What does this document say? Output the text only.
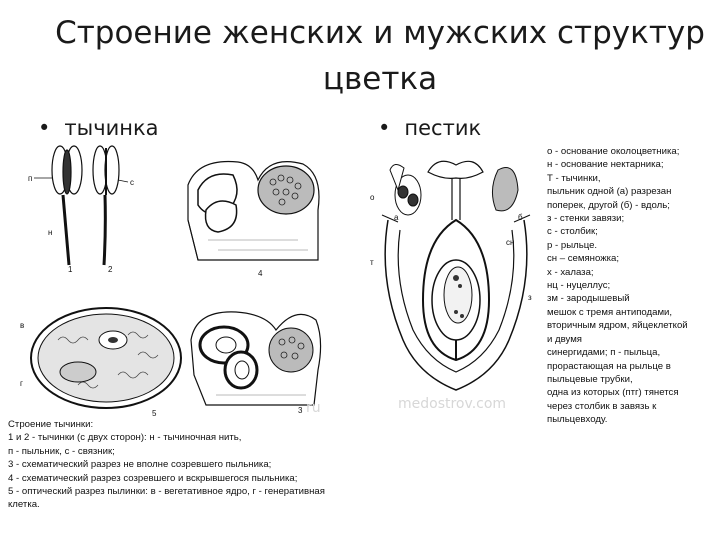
Строение женских и мужских структур
цветка
• тычинка	• пестик
п	с
н
1	2	4
в
г
5	3 ru
Строение тычинки:
1 и 2 - тычинки (с двух сторон): н - тычиночная нить,
п - пыльник, с - связник;
3 - схематический разрез не вполне созревшего пыльника;
4 - схематический разрез созревшего и вскрывшегося пыльника;
5 - оптический разрез пылинки: в - вегетативное ядро, г - генеративная
клетка.
о
т
сн
з
а	б
medostrov.com
о - основание околоцветника;
н - основание нектарника;
Т - тычинки,
пыльник одной (а) разрезан
поперек, другой (б) - вдоль;
з - стенки завязи;
с - столбик;
р - рыльце.
сн – семяножка;
х - халаза;
нц - нуцеллус;
зм - зародышевый
мешок с тремя антиподами,
вторичным ядром, яйцеклеткой
и двумя
синергидами; п - пыльца,
прорастающая на рыльце в
пыльцевые трубки,
одна из которых (птг) тянется
через столбик в завязь к
пыльцевходу.
